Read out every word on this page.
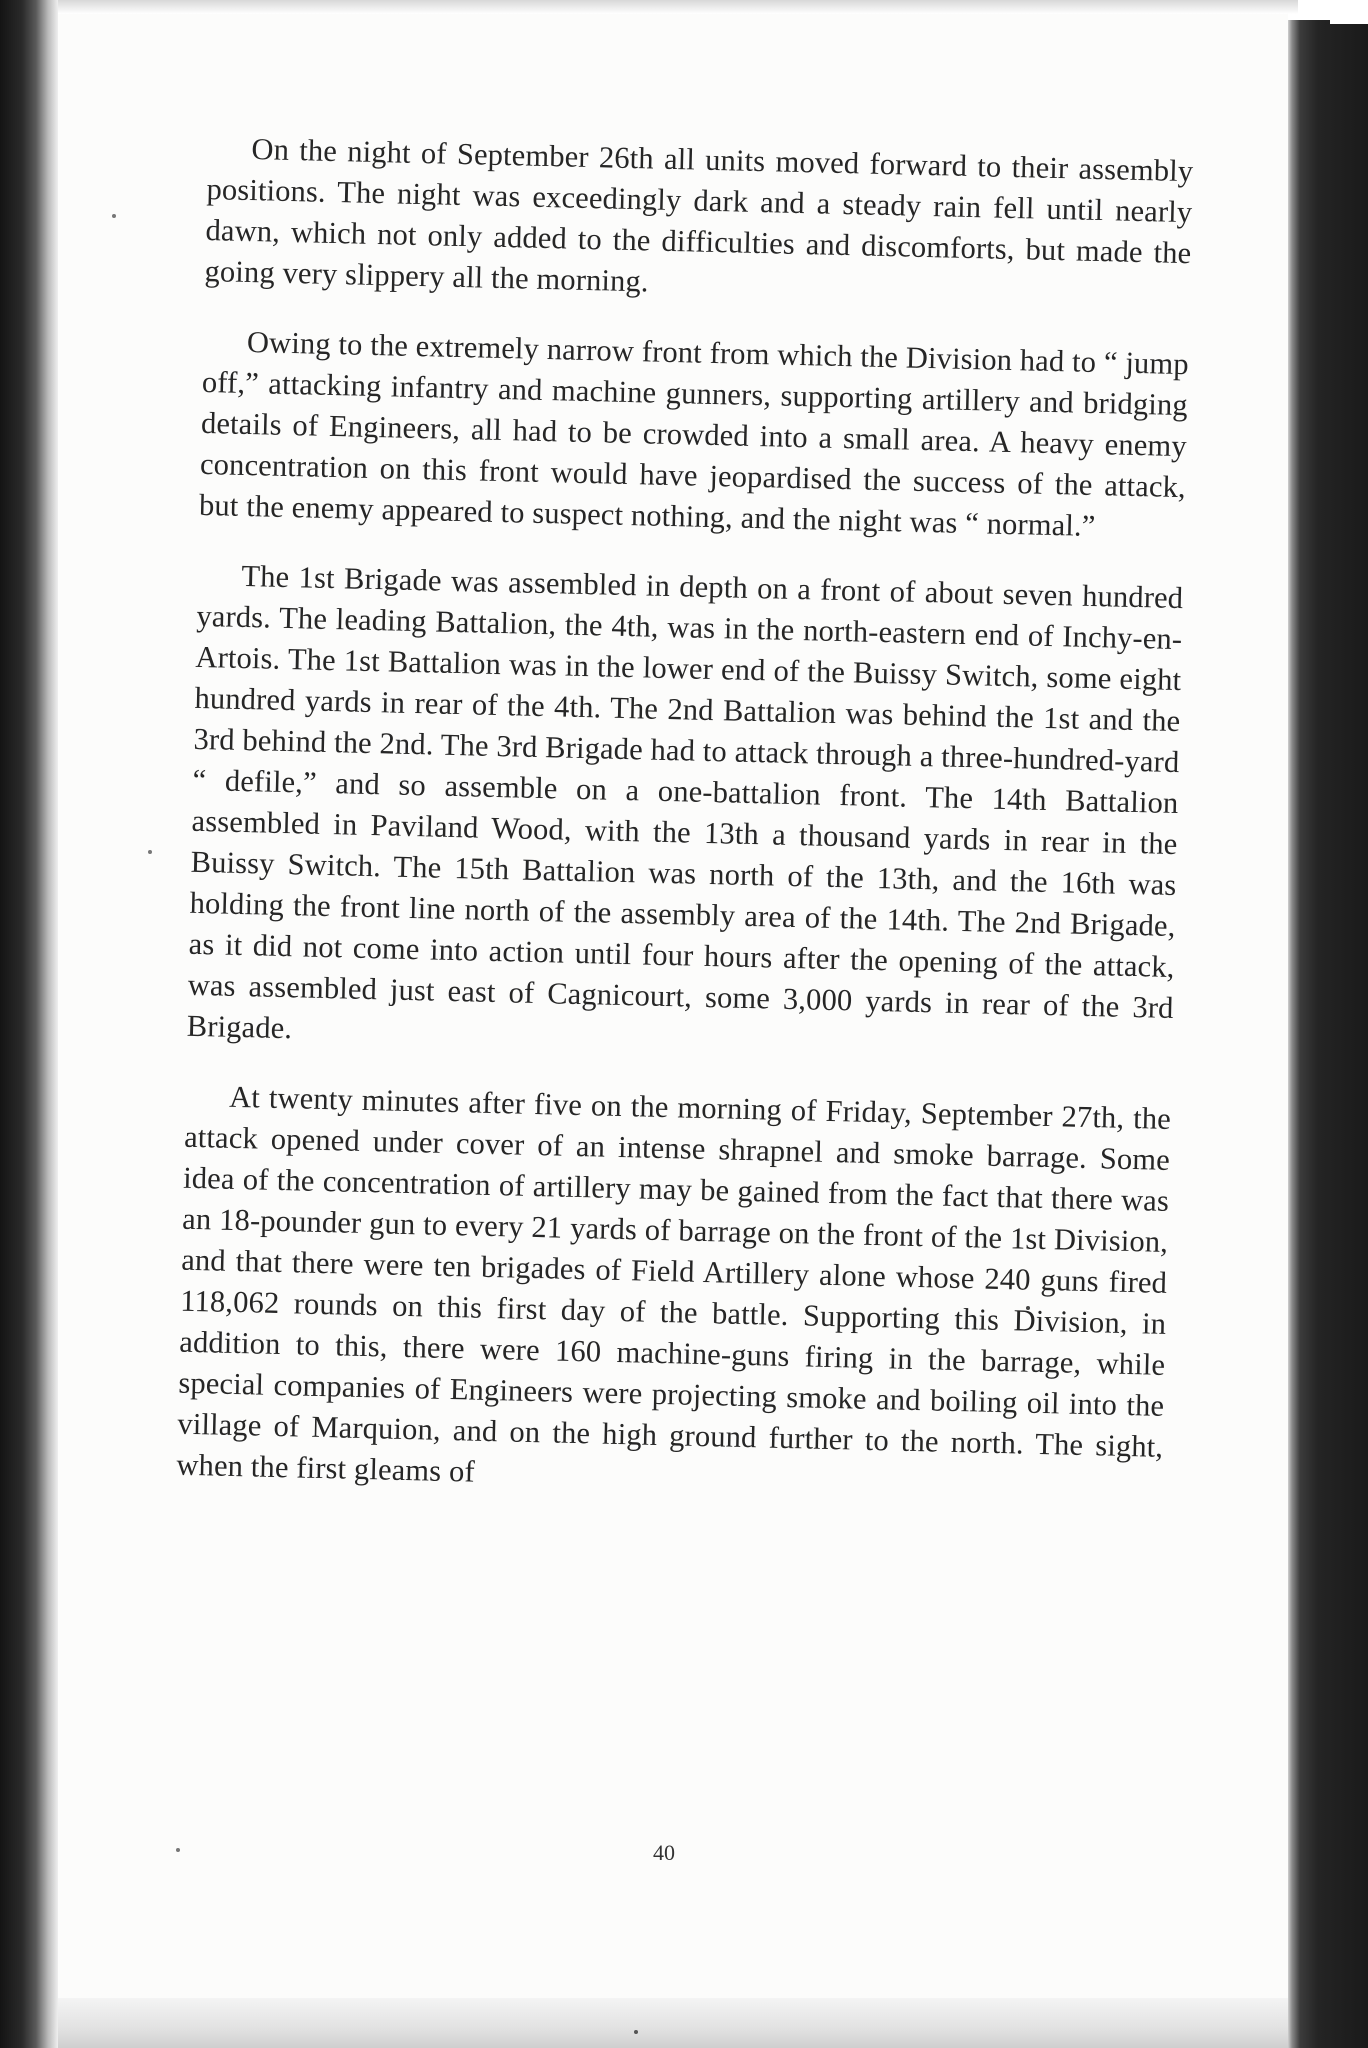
On the night of September 26th all units moved forward to their assembly positions. The night was exceedingly dark and a steady rain fell until nearly dawn, which not only added to the difficulties and discomforts, but made the going very slippery all the morning.

Owing to the extremely narrow front from which the Division had to “ jump off,” attacking infantry and machine gunners, supporting artillery and bridging details of Engineers, all had to be crowded into a small area. A heavy enemy concentration on this front would have jeopardised the success of the attack, but the enemy appeared to suspect nothing, and the night was “ normal.”

The 1st Brigade was assembled in depth on a front of about seven hundred yards. The leading Battalion, the 4th, was in the north-eastern end of Inchy-en-Artois. The 1st Battalion was in the lower end of the Buissy Switch, some eight hundred yards in rear of the 4th. The 2nd Battalion was behind the 1st and the 3rd behind the 2nd. The 3rd Brigade had to attack through a three-hundred-yard “ defile,” and so assemble on a one-battalion front. The 14th Battalion assembled in Paviland Wood, with the 13th a thousand yards in rear in the Buissy Switch. The 15th Battalion was north of the 13th, and the 16th was holding the front line north of the assembly area of the 14th. The 2nd Brigade, as it did not come into action until four hours after the opening of the attack, was assembled just east of Cagnicourt, some 3,000 yards in rear of the 3rd Brigade.

At twenty minutes after five on the morning of Friday, September 27th, the attack opened under cover of an intense shrapnel and smoke barrage. Some idea of the concentration of artillery may be gained from the fact that there was an 18-pounder gun to every 21 yards of barrage on the front of the 1st Division, and that there were ten brigades of Field Artillery alone whose 240 guns fired 118,062 rounds on this first day of the battle. Supporting this Division, in addition to this, there were 160 machine-guns firing in the barrage, while special companies of Engineers were projecting smoke and boiling oil into the village of Marquion, and on the high ground further to the north. The sight, when the first gleams of

40
